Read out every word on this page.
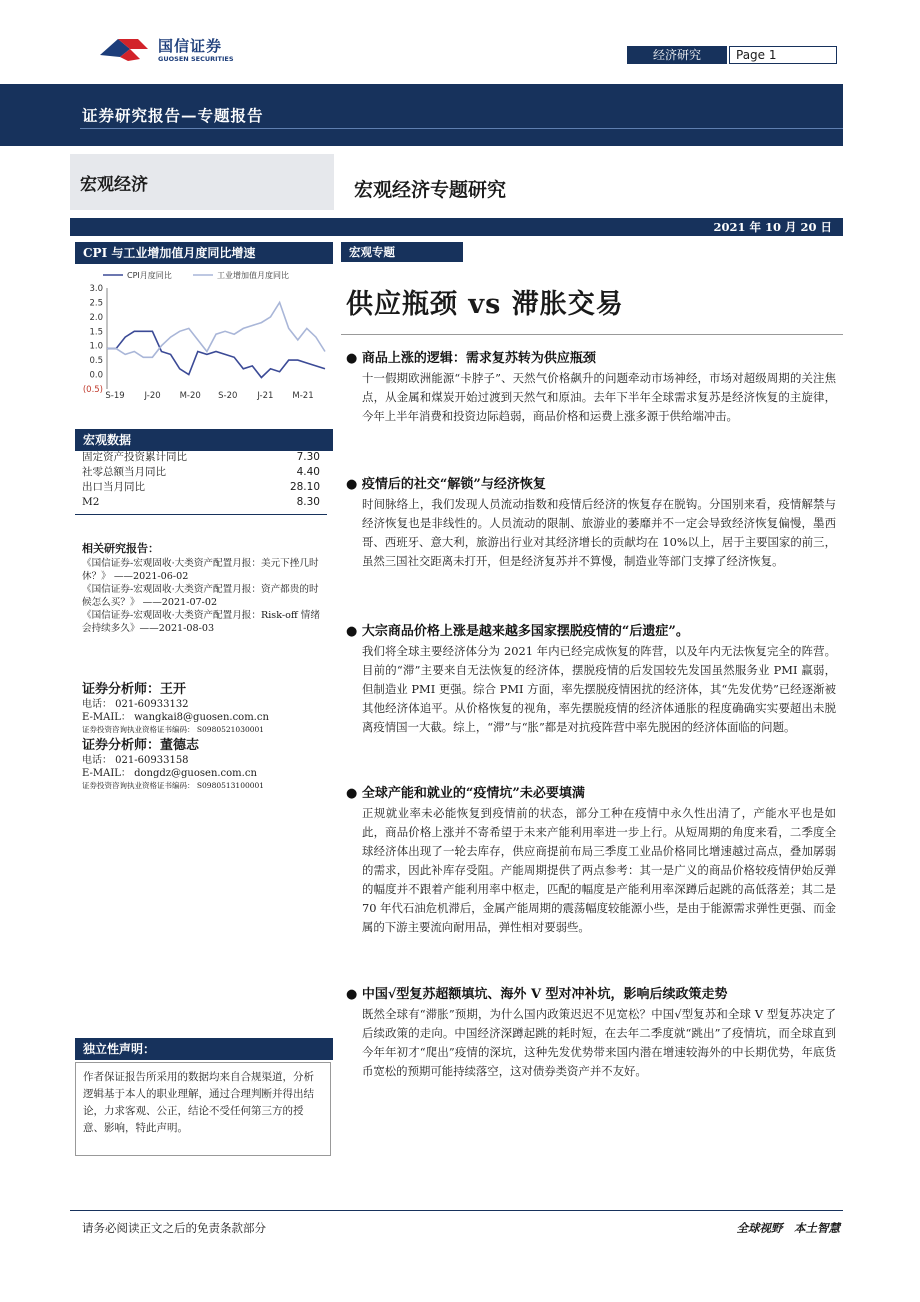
国信证券
GUOSEN SECURITIES	经济研究	Page 1
证券研究报告—专题报告
宏观经济	宏观经济专题研究
2021 年 10 月 20 日
CPI 与工业增加值月度同比增速
CPI月度同比	工业增加值月度同比
3.0
2.5
2.0
1.5
1.0
0.5
0.0
(0.5)
S-19 J-20 M-20 S-20 J-21 M-21
宏观数据
固定资产投资累计同比	7.30
社零总额当月同比	4.40
出口当月同比	28.10
M2	8.30
相关研究报告：
《国信证券-宏观固收·大类资产配置月报：美元下挫几时休？》 ——2021-06-02
《国信证券-宏观固收·大类资产配置月报：资产都贵的时候怎么买？》 ——2021-07-02
《国信证券-宏观固收·大类资产配置月报：Risk-off 情绪会持续多久》——2021-08-03
证券分析师：王开
电话： 021-60933132
E-MAIL： wangkai8@guosen.com.cn
证券投资咨询执业资格证书编码： S0980521030001
证券分析师：董德志
电话： 021-60933158
E-MAIL： dongdz@guosen.com.cn
证券投资咨询执业资格证书编码： S0980513100001
独立性声明：
作者保证报告所采用的数据均来自合规渠道，分析逻辑基于本人的职业理解，通过合理判断并得出结论，力求客观、公正，结论不受任何第三方的授意、影响，特此声明。
宏观专题
供应瓶颈 vs 滞胀交易
● 商品上涨的逻辑：需求复苏转为供应瓶颈
十一假期欧洲能源“卡脖子”、天然气价格飙升的问题牵动市场神经，市场对超级周期的关注焦点，从金属和煤炭开始过渡到天然气和原油。去年下半年全球需求复苏是经济恢复的主旋律，今年上半年消费和投资边际趋弱，商品价格和运费上涨多源于供给端冲击。
● 疫情后的社交“解锁”与经济恢复
时间脉络上，我们发现人员流动指数和疫情后经济的恢复存在脱钩。分国别来看，疫情解禁与经济恢复也是非线性的。人员流动的限制、旅游业的萎靡并不一定会导致经济恢复偏慢，墨西哥、西班牙、意大利，旅游出行业对其经济增长的贡献均在 10%以上，居于主要国家的前三，虽然三国社交距离未打开，但是经济复苏并不算慢，制造业等部门支撑了经济恢复。
● 大宗商品价格上涨是越来越多国家摆脱疫情的“后遗症”。
我们将全球主要经济体分为 2021 年内已经完成恢复的阵营，以及年内无法恢复完全的阵营。目前的“滞”主要来自无法恢复的经济体，摆脱疫情的后发国较先发国虽然服务业 PMI 赢弱，但制造业 PMI 更强。综合 PMI 方面，率先摆脱疫情困扰的经济体，其“先发优势”已经逐渐被其他经济体追平。从价格恢复的视角，率先摆脱疫情的经济体通胀的程度确确实实要超出未脱离疫情国一大截。综上，“滞”与“胀”都是对抗疫阵营中率先脱困的经济体面临的问题。
● 全球产能和就业的“疫情坑”未必要填满
正规就业率未必能恢复到疫情前的状态，部分工种在疫情中永久性出清了，产能水平也是如此，商品价格上涨并不寄希望于未来产能利用率进一步上行。从短周期的角度来看，二季度全球经济体出现了一轮去库存，供应商提前布局三季度工业品价格同比增速越过高点，叠加孱弱的需求，因此补库存受阻。产能周期提供了两点参考：其一是广义的商品价格较疫情伊始反弹的幅度并不跟着产能利用率中枢走，匹配的幅度是产能利用率深蹲后起跳的高低落差；其二是 70 年代石油危机滞后，金属产能周期的震荡幅度较能源小些，是由于能源需求弹性更强、而金属的下游主要流向耐用品，弹性相对要弱些。
● 中国√型复苏超额填坑、海外 V 型对冲补坑，影响后续政策走势
既然全球有“滞胀”预期，为什么国内政策迟迟不见宽松？中国√型复苏和全球 V 型复苏决定了后续政策的走向。中国经济深蹲起跳的耗时短，在去年二季度就“跳出”了疫情坑，而全球直到今年年初才“爬出”疫情的深坑，这种先发优势带来国内潜在增速较海外的中长期优势，年底货币宽松的预期可能持续落空，这对债券类资产并不友好。
请务必阅读正文之后的免责条款部分	全球视野　本土智慧
